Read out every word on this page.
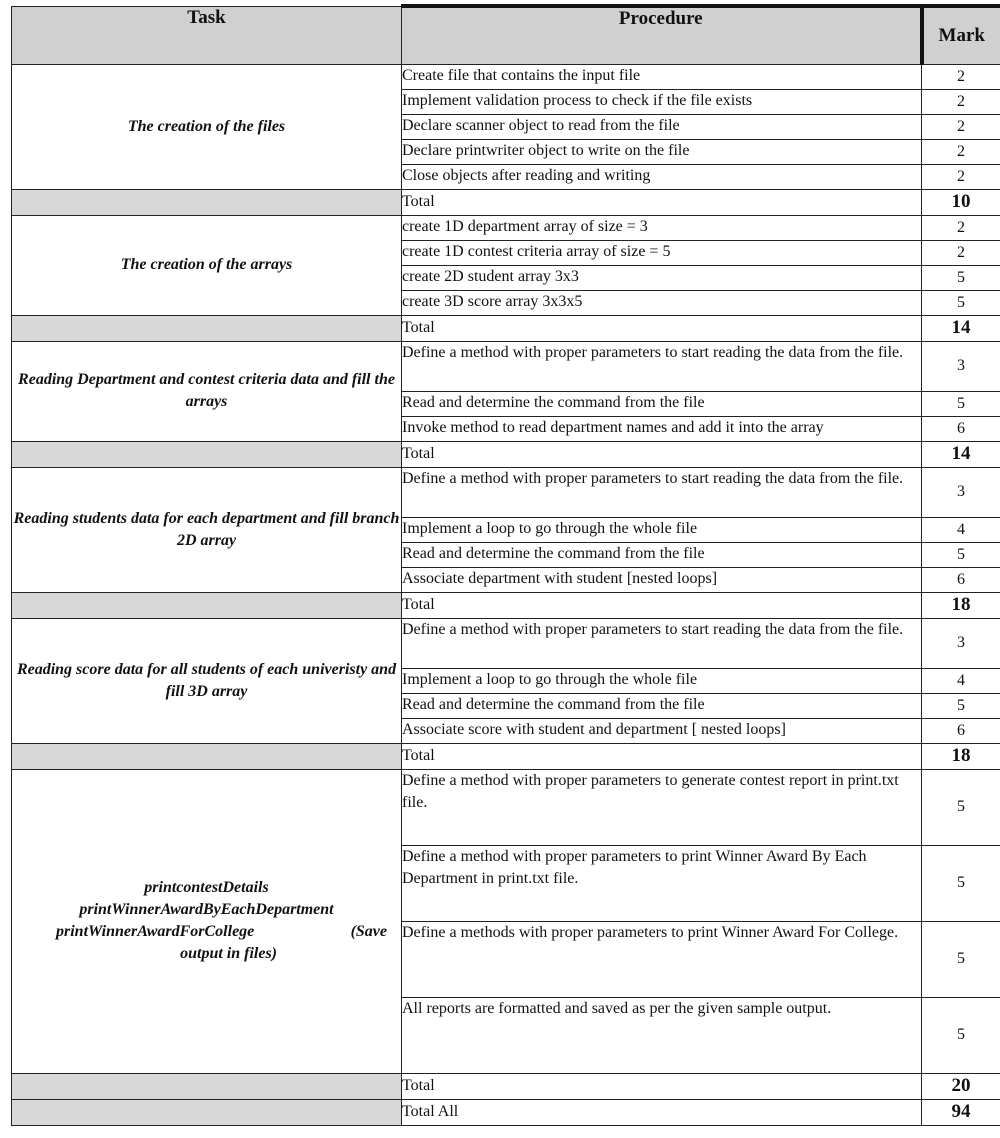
Task	Procedure	Mark
The creation of the files	Create file that contains the input file	2
	Implement validation process to check if the file exists	2
	Declare scanner object to read from the file	2
	Declare printwriter object to write on the file	2
	Close objects after reading and writing	2
	Total	10
The creation of the arrays	create 1D department array of size = 3	2
	create 1D contest criteria array of size = 5	2
	create 2D student array 3x3	5
	create 3D score array 3x3x5	5
	Total	14
Reading Department and contest criteria data and fill the arrays	Define a method with proper parameters to start reading the data from the file.	3
	Read and determine the command from the file	5
	Invoke method to read department names and add it into the array	6
	Total	14
Reading students data for each department and fill branch 2D array	Define a method with proper parameters to start reading the data from the file.	3
	Implement a loop to go through the whole file	4
	Read and determine the command from the file	5
	Associate department with student [nested loops]	6
	Total	18
Reading score data for all students of each univeristy and fill 3D array	Define a method with proper parameters to start reading the data from the file.	3
	Implement a loop to go through the whole file	4
	Read and determine the command from the file	5
	Associate score with student and department [ nested loops]	6
	Total	18

printcontestDetails
printWinnerAwardByEachDepartment
printWinnerAwardForCollege (Save
output in files)	Define a method with proper parameters to generate contest report in print.txt file.	5
	Define a method with proper parameters to print Winner Award By Each Department in print.txt file.	5
	Define a methods with proper parameters to print Winner Award For College.	5
	All reports are formatted and saved as per the given sample output.	5
	Total	20
	Total All	94
